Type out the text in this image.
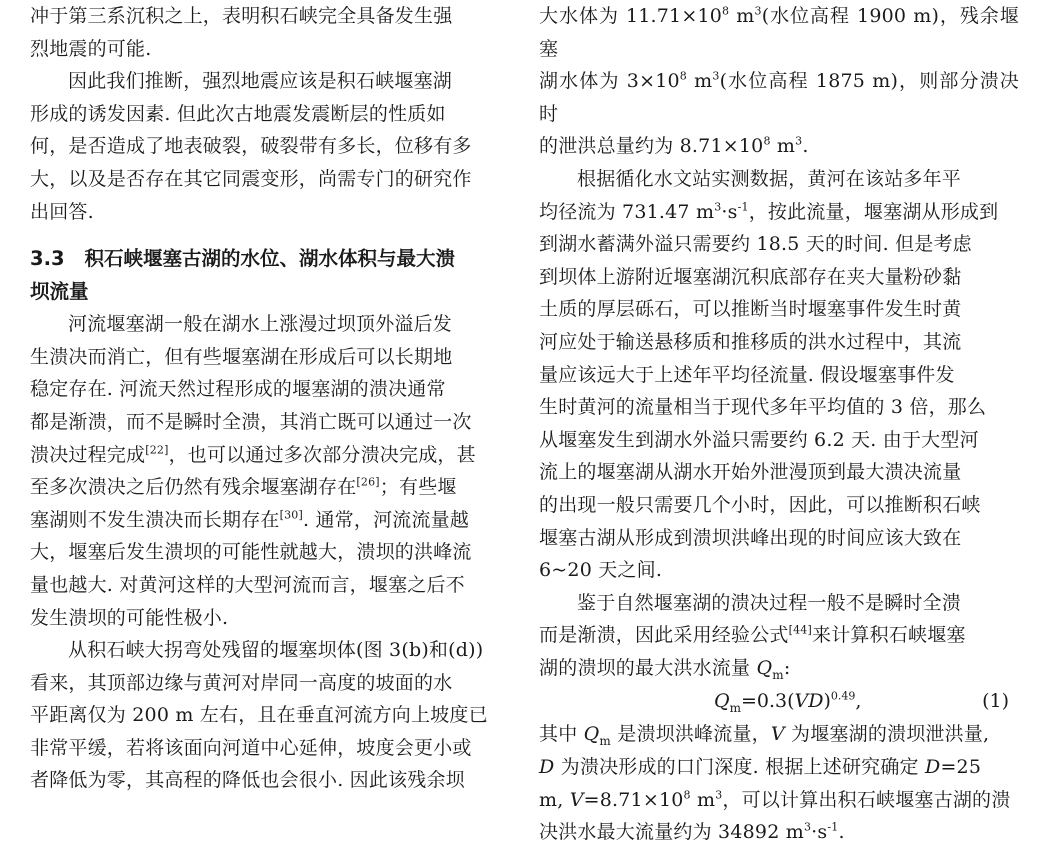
冲于第三系沉积之上，表明积石峡完全具备发生强
烈地震的可能.

因此我们推断，强烈地震应该是积石峡堰塞湖
形成的诱发因素. 但此次古地震发震断层的性质如
何，是否造成了地表破裂，破裂带有多长，位移有多
大，以及是否存在其它同震变形，尚需专门的研究作
出回答.

3.3 积石峡堰塞古湖的水位、湖水体积与最大溃
坝流量

河流堰塞湖一般在湖水上涨漫过坝顶外溢后发
生溃决而消亡，但有些堰塞湖在形成后可以长期地
稳定存在. 河流天然过程形成的堰塞湖的溃决通常
都是渐溃，而不是瞬时全溃，其消亡既可以通过一次
溃决过程完成[22]，也可以通过多次部分溃决完成，甚
至多次溃决之后仍然有残余堰塞湖存在[26]；有些堰
塞湖则不发生溃决而长期存在[30]. 通常，河流流量越
大，堰塞后发生溃坝的可能性就越大，溃坝的洪峰流
量也越大. 对黄河这样的大型河流而言，堰塞之后不
发生溃坝的可能性极小.

从积石峡大拐弯处残留的堰塞坝体(图 3(b)和(d))
看来，其顶部边缘与黄河对岸同一高度的坡面的水
平距离仅为 200 m 左右，且在垂直河流方向上坡度已
非常平缓，若将该面向河道中心延伸，坡度会更小或
者降低为零，其高程的降低也会很小. 因此该残余坝

大水体为 $11.71\times 10^8$ $m^3$(水位高程 1900 m)，残余堰塞
湖水体为 $3\times 10^8$ $m^3$(水位高程 1875 m)，则部分溃决时
的泄洪总量约为 $8.71\times 10^8$ $m^3$.

根据循化水文站实测数据，黄河在该站多年平
均径流为 731.47 $m^3\cdot s^{-1}$，按此流量，堰塞湖从形成到
到湖水蓄满外溢只需要约 18.5 天的时间. 但是考虑
到坝体上游附近堰塞湖沉积底部存在夹大量粉砂黏
土质的厚层砾石，可以推断当时堰塞事件发生时黄
河应处于输送悬移质和推移质的洪水过程中，其流
量应该远大于上述年平均径流量. 假设堰塞事件发
生时黄河的流量相当于现代多年平均值的 3 倍，那么
从堰塞发生到湖水外溢只需要约 6.2 天. 由于大型河
流上的堰塞湖从湖水开始外泄漫顶到最大溃决流量
的出现一般只需要几个小时，因此，可以推断积石峡
堰塞古湖从形成到溃坝洪峰出现的时间应该大致在
6~20 天之间.

鉴于自然堰塞湖的溃决过程一般不是瞬时全溃
而是渐溃，因此采用经验公式[44]来计算积石峡堰塞
湖的溃坝的最大洪水流量 $Q_m$:

$Q_m=0.3(VD)^{0.49}$,	(1)

其中 $Q_m$ 是溃坝洪峰流量，V 为堰塞湖的溃坝泄洪量,
D 为溃决形成的口门深度. 根据上述研究确定 D=25
m, $V=8.71\times 10^8$ $m^3$，可以计算出积石峡堰塞古湖的溃
决洪水最大流量约为 34892 $m^3\cdot s^{-1}$.
